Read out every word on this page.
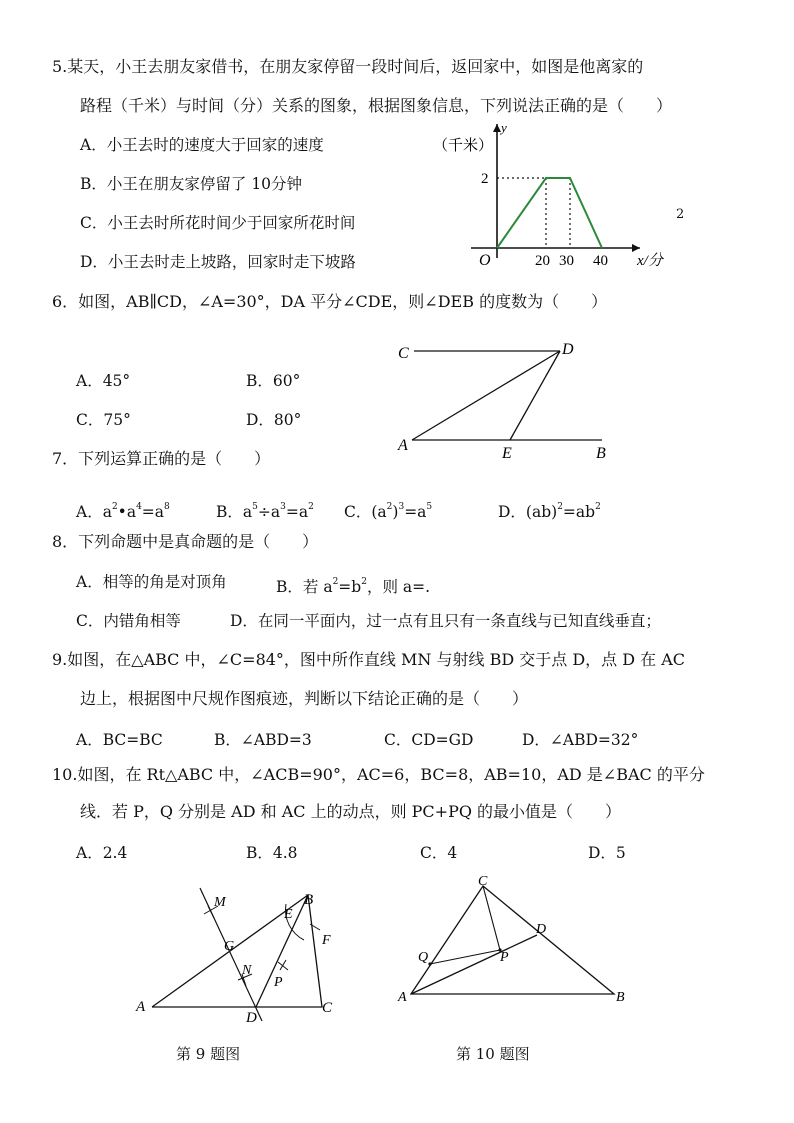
5.某天，小王去朋友家借书，在朋友家停留一段时间后，返回家中，如图是他离家的
路程（千米）与时间（分）关系的图象，根据图象信息，下列说法正确的是（　　）
A．小王去时的速度大于回家的速度
B．小王在朋友家停留了 10分钟
C．小王去时所花时间少于回家所花时间
D．小王去时走上坡路，回家时走下坡路
2
（千米）
y
2
O	20 30 40 x/分
6．如图，AB∥CD，∠A=30°，DA 平分∠CDE，则∠DEB 的度数为（　　）
A．45°	B．60°
C．75°	D．80°
C	D
A	E	B
7．下列运算正确的是（　　）
A．$a^2•a^4=a^8$	B．$a^5\div a^3=a^2$ C．$(a^2)^3=a^5$	D．$(ab)^2=ab^2$
8．下列命题中是真命题的是（　　）
A．相等的角是对顶角	B．若 $a^2=b^2$，则 a=.
C．内错角相等	D．在同一平面内，过一点有且只有一条直线与已知直线垂直；
9.如图，在△ABC 中，∠C=84°，图中所作直线 MN 与射线 BD 交于点 D，点 D 在 AC
边上，根据图中尺规作图痕迹，判断以下结论正确的是（　　）
A．BC=BC	B．∠ABD=3	C．CD=GD	D．∠ABD=32°
10.如图，在 Rt△ABC 中，∠ACB=90°，AC=6，BC=8，AB=10，AD 是∠BAC 的平分
线．若 P，Q 分别是 AD 和 AC 上的动点，则 PC+PQ 的最小值是（　　）
A．2.4	B．4.8	C．4	D．5
A
B
C
D
E
F
G
M
N
P
第 9 题图
C
A	B
D
P
Q
第 10 题图
